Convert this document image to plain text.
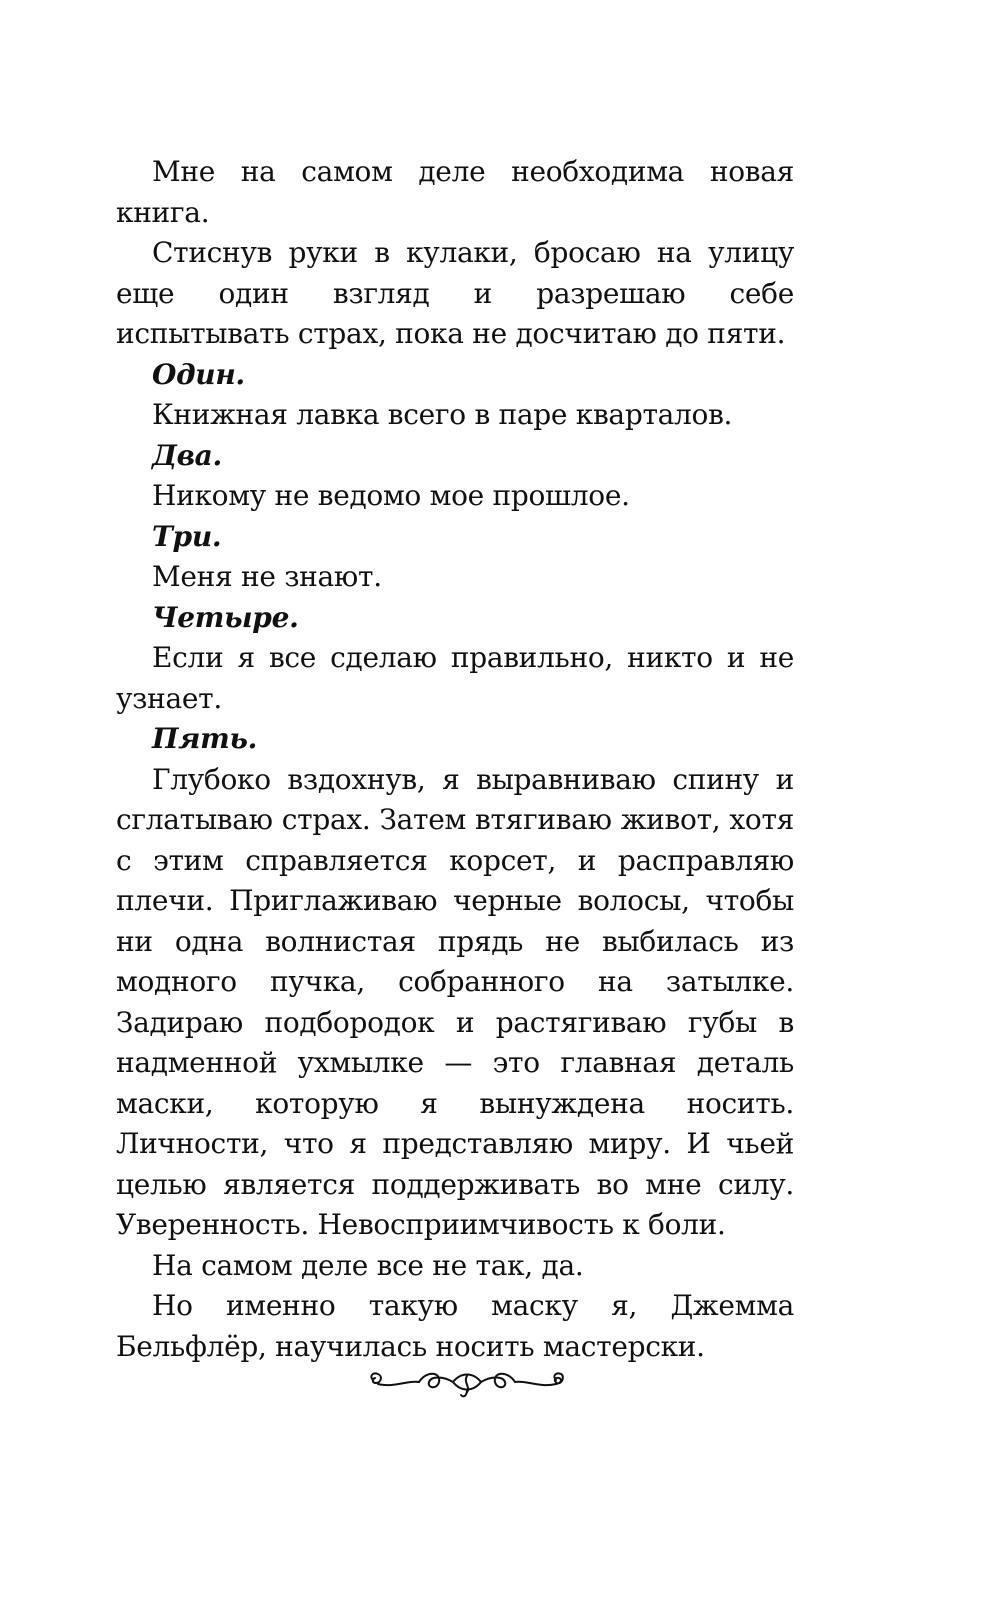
Мне на самом деле необходима новая книга.

Стиснув руки в кулаки, бросаю на улицу еще один взгляд и разрешаю себе испытывать страх, пока не досчитаю до пяти.

Один.

Книжная лавка всего в паре кварталов.

Два.

Никому не ведомо мое прошлое.

Три.

Меня не знают.

Четыре.

Если я все сделаю правильно, никто и не узнает.

Пять.

Глубоко вздохнув, я выравниваю спину и сглатываю страх. Затем втягиваю живот, хотя с этим справляется корсет, и расправляю плечи. Приглаживаю черные волосы, чтобы ни одна волнистая прядь не выбилась из модного пучка, собранного на затылке. Задираю подбородок и растягиваю губы в надменной ухмылке — это главная деталь маски, которую я вынуждена носить. Личности, что я представляю миру. И чьей целью является поддерживать во мне силу. Уверенность. Невосприимчивость к боли.

На самом деле все не так, да.

Но именно такую маску я, Джемма Бельфлёр, научилась носить мастерски.
